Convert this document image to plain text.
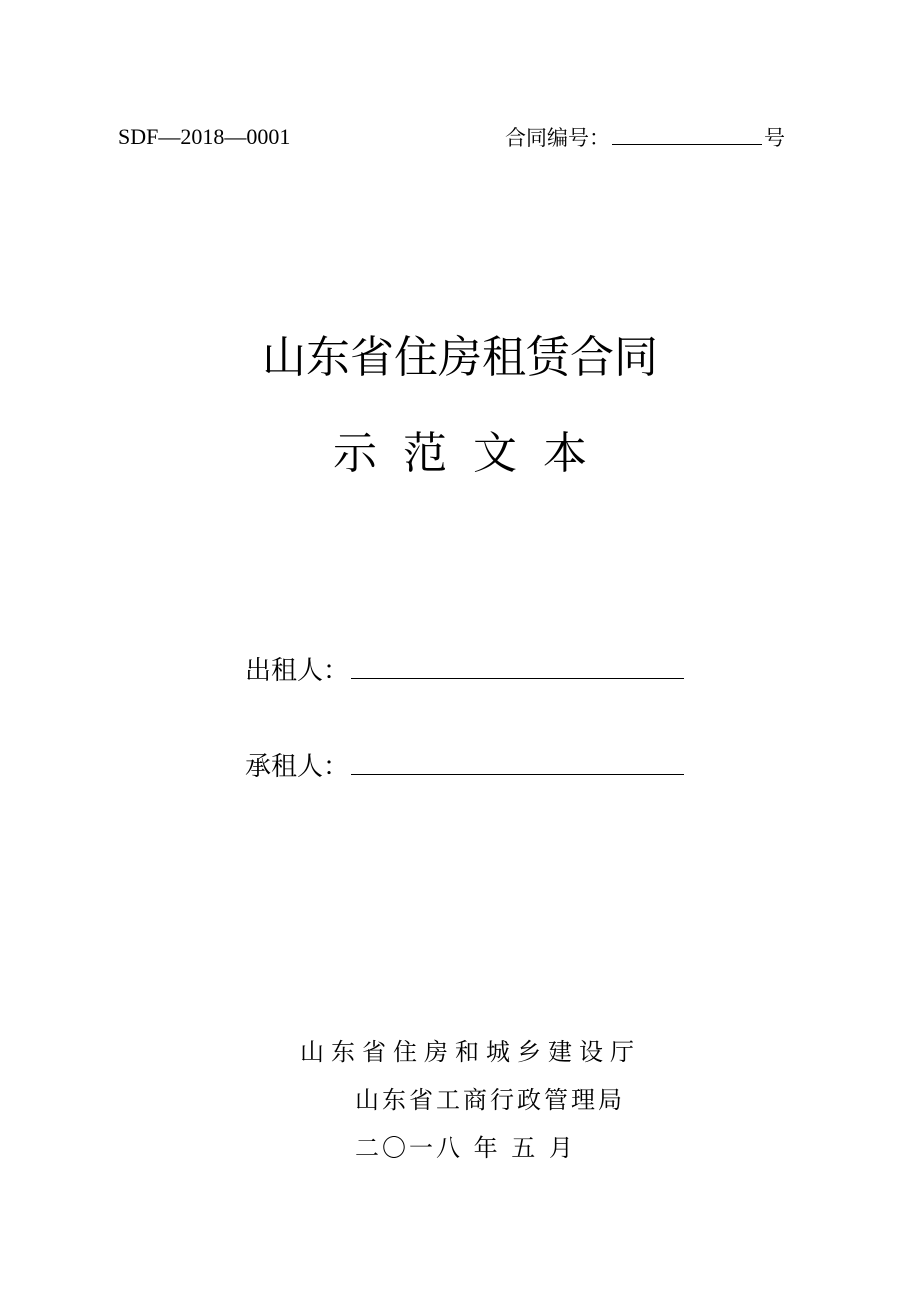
SDF—2018—0001	合同编号：	号
山东省住房租赁合同
示范文本
出租人：
承租人：
山东省住房和城乡建设厅
山东省工商行政管理局
二〇一八 年 五 月
